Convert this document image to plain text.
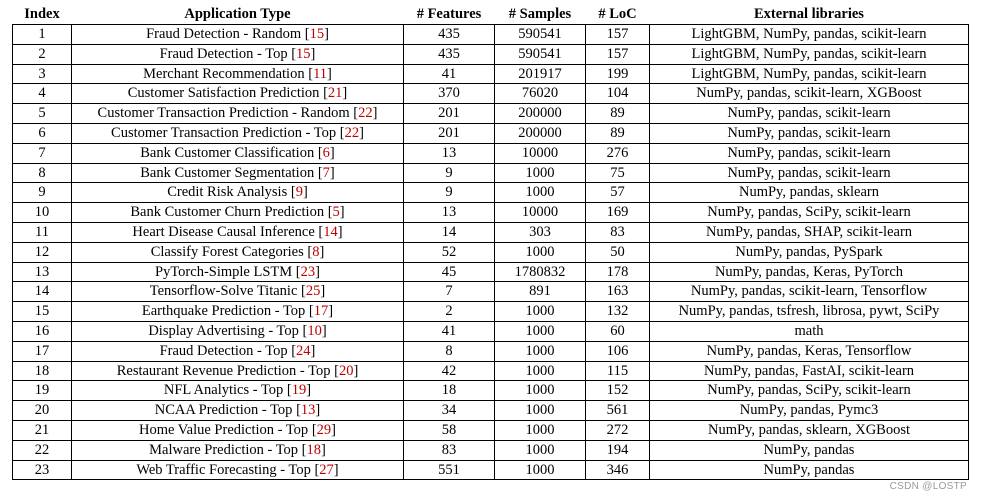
Index	Application Type	# Features	# Samples	# LoC	External libraries
1	Fraud Detection - Random [15]	435	590541	157	LightGBM, NumPy, pandas, scikit-learn
2	Fraud Detection - Top [15]	435	590541	157	LightGBM, NumPy, pandas, scikit-learn
3	Merchant Recommendation [11]	41	201917	199	LightGBM, NumPy, pandas, scikit-learn
4	Customer Satisfaction Prediction [21]	370	76020	104	NumPy, pandas, scikit-learn, XGBoost
5	Customer Transaction Prediction - Random [22]	201	200000	89	NumPy, pandas, scikit-learn
6	Customer Transaction Prediction - Top [22]	201	200000	89	NumPy, pandas, scikit-learn
7	Bank Customer Classification [6]	13	10000	276	NumPy, pandas, scikit-learn
8	Bank Customer Segmentation [7]	9	1000	75	NumPy, pandas, scikit-learn
9	Credit Risk Analysis [9]	9	1000	57	NumPy, pandas, sklearn
10	Bank Customer Churn Prediction [5]	13	10000	169	NumPy, pandas, SciPy, scikit-learn
11	Heart Disease Causal Inference [14]	14	303	83	NumPy, pandas, SHAP, scikit-learn
12	Classify Forest Categories [8]	52	1000	50	NumPy, pandas, PySpark
13	PyTorch-Simple LSTM [23]	45	1780832	178	NumPy, pandas, Keras, PyTorch
14	Tensorflow-Solve Titanic [25]	7	891	163	NumPy, pandas, scikit-learn, Tensorflow
15	Earthquake Prediction - Top [17]	2	1000	132	NumPy, pandas, tsfresh, librosa, pywt, SciPy
16	Display Advertising - Top [10]	41	1000	60	math
17	Fraud Detection - Top [24]	8	1000	106	NumPy, pandas, Keras, Tensorflow
18	Restaurant Revenue Prediction - Top [20]	42	1000	115	NumPy, pandas, FastAI, scikit-learn
19	NFL Analytics - Top [19]	18	1000	152	NumPy, pandas, SciPy, scikit-learn
20	NCAA Prediction - Top [13]	34	1000	561	NumPy, pandas, Pymc3
21	Home Value Prediction - Top [29]	58	1000	272	NumPy, pandas, sklearn, XGBoost
22	Malware Prediction - Top [18]	83	1000	194	NumPy, pandas
23	Web Traffic Forecasting - Top [27]	551	1000	346	NumPy, pandas
CSDN @LOSTP
